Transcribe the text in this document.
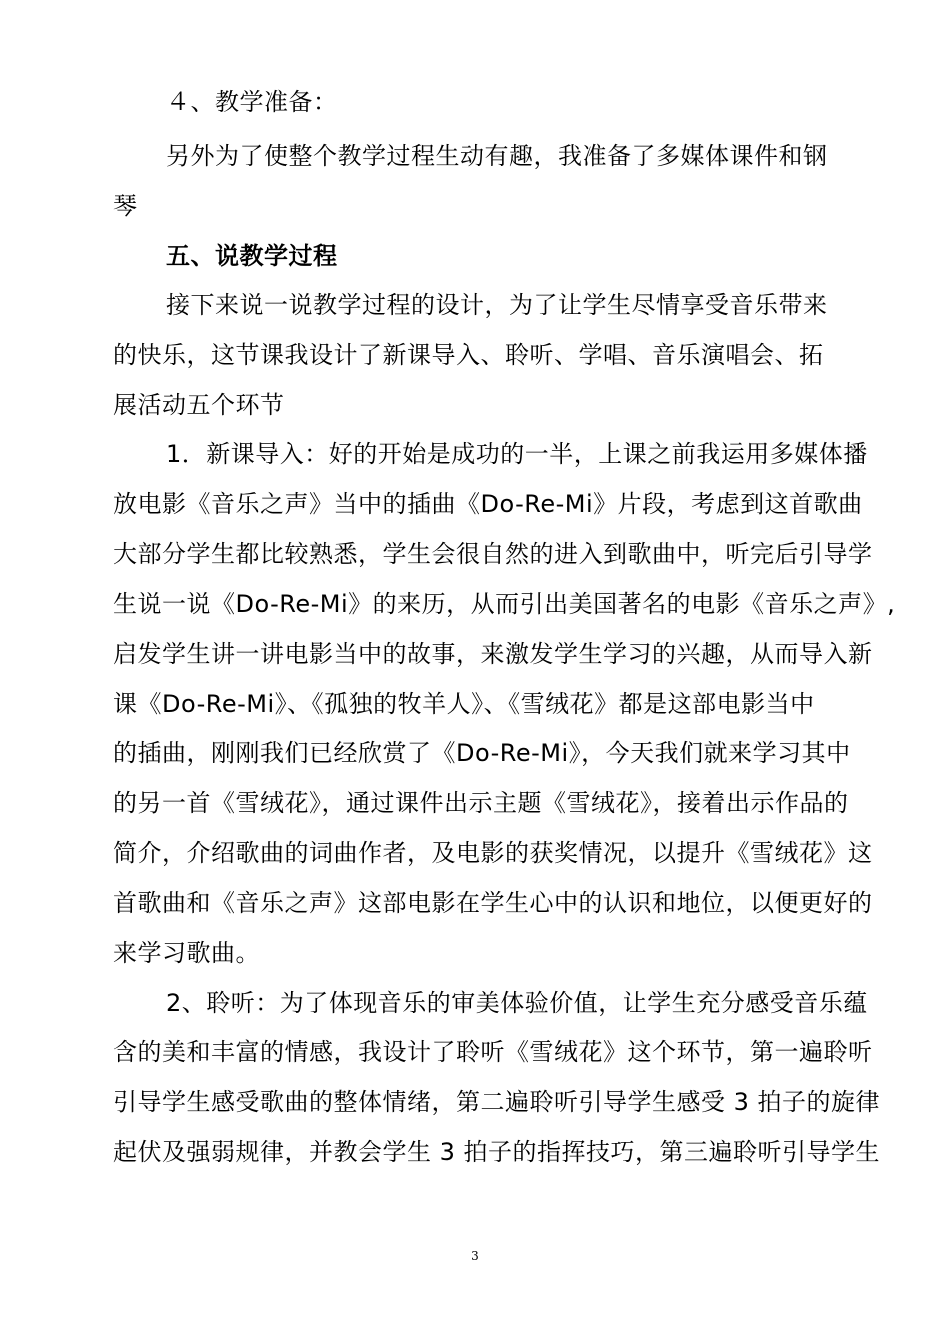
４、教学准备：
另外为了使整个教学过程生动有趣，我准备了多媒体课件和钢
琴
五、说教学过程
接下来说一说教学过程的设计，为了让学生尽情享受音乐带来
的快乐，这节课我设计了新课导入、聆听、学唱、音乐演唱会、拓
展活动五个环节
1．新课导入：好的开始是成功的一半，上课之前我运用多媒体播
放电影《音乐之声》当中的插曲《Do-Re-Mi》片段，考虑到这首歌曲
大部分学生都比较熟悉，学生会很自然的进入到歌曲中，听完后引导学
生说一说《Do-Re-Mi》的来历，从而引出美国著名的电影《音乐之声》,
启发学生讲一讲电影当中的故事，来激发学生学习的兴趣，从而导入新
课《Do-Re-Mi》、《孤独的牧羊人》、《雪绒花》都是这部电影当中
的插曲，刚刚我们已经欣赏了《Do-Re-Mi》，今天我们就来学习其中
的另一首《雪绒花》，通过课件出示主题《雪绒花》，接着出示作品的
简介，介绍歌曲的词曲作者，及电影的获奖情况，以提升《雪绒花》这
首歌曲和《音乐之声》这部电影在学生心中的认识和地位，以便更好的
来学习歌曲。
2、聆听：为了体现音乐的审美体验价值，让学生充分感受音乐蕴
含的美和丰富的情感，我设计了聆听《雪绒花》这个环节，第一遍聆听
引导学生感受歌曲的整体情绪，第二遍聆听引导学生感受 3 拍子的旋律
起伏及强弱规律，并教会学生 3 拍子的指挥技巧，第三遍聆听引导学生
3
